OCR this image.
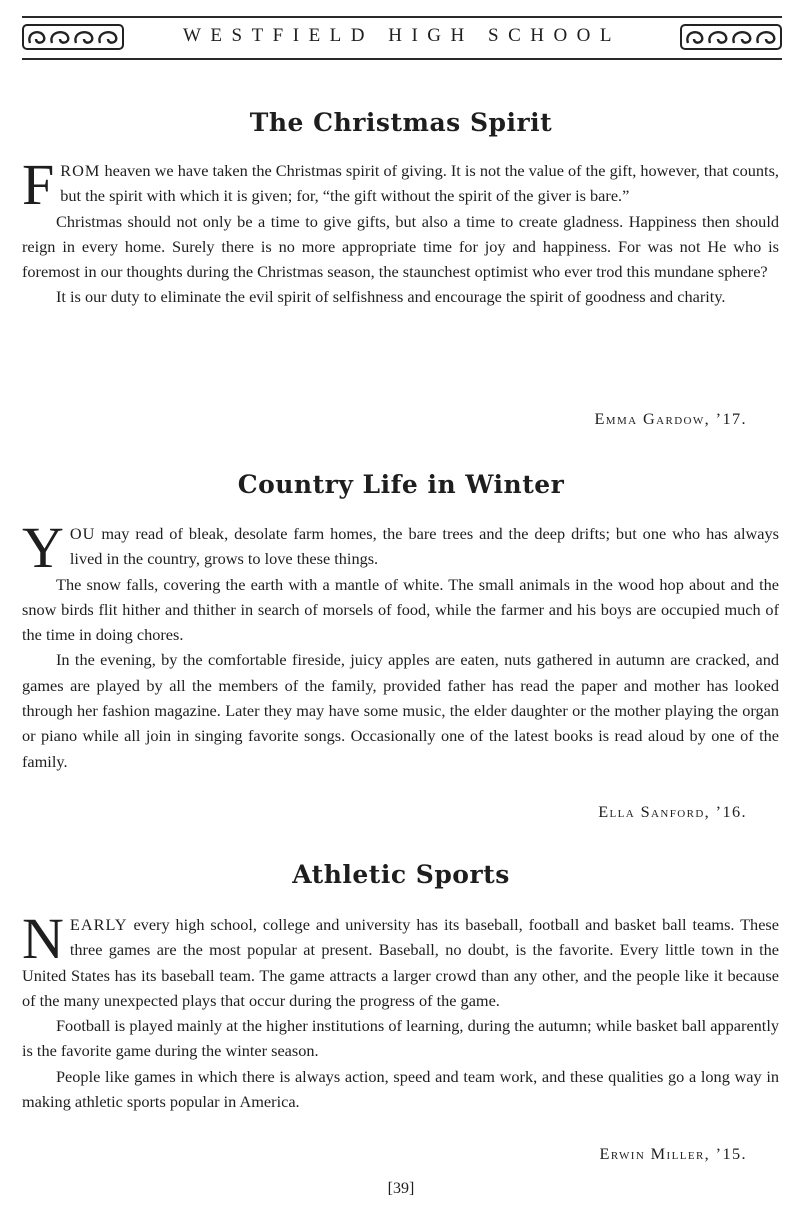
WESTFIELD HIGH SCHOOL
The Christmas Spirit

FROM heaven we have taken the Christmas spirit of giving. It is not the value of the gift, however, that counts, but the spirit with which it is given; for, “the gift without the spirit of the giver is bare.”

Christmas should not only be a time to give gifts, but also a time to create gladness. Happiness then should reign in every home. Surely there is no more appropriate time for joy and happiness. For was not He who is foremost in our thoughts during the Christmas season, the staunchest optimist who ever trod this mundane sphere?

It is our duty to eliminate the evil spirit of selfishness and encourage the spirit of goodness and charity.

Emma Gardow, ’17.
Country Life in Winter

YOU may read of bleak, desolate farm homes, the bare trees and the deep drifts; but one who has always lived in the country, grows to love these things.

The snow falls, covering the earth with a mantle of white. The small animals in the wood hop about and the snow birds flit hither and thither in search of morsels of food, while the farmer and his boys are occupied much of the time in doing chores.

In the evening, by the comfortable fireside, juicy apples are eaten, nuts gathered in autumn are cracked, and games are played by all the members of the family, provided father has read the paper and mother has looked through her fashion magazine. Later they may have some music, the elder daughter or the mother playing the organ or piano while all join in singing favorite songs. Occasionally one of the latest books is read aloud by one of the family.

Ella Sanford, ’16.
Athletic Sports

NEARLY every high school, college and university has its baseball, football and basket ball teams. These three games are the most popular at present. Baseball, no doubt, is the favorite. Every little town in the United States has its baseball team. The game attracts a larger crowd than any other, and the people like it because of the many unexpected plays that occur during the progress of the game.

Football is played mainly at the higher institutions of learning, during the autumn; while basket ball apparently is the favorite game during the winter season.

People like games in which there is always action, speed and team work, and these qualities go a long way in making athletic sports popular in America.

Erwin Miller, ’15.
[39]
